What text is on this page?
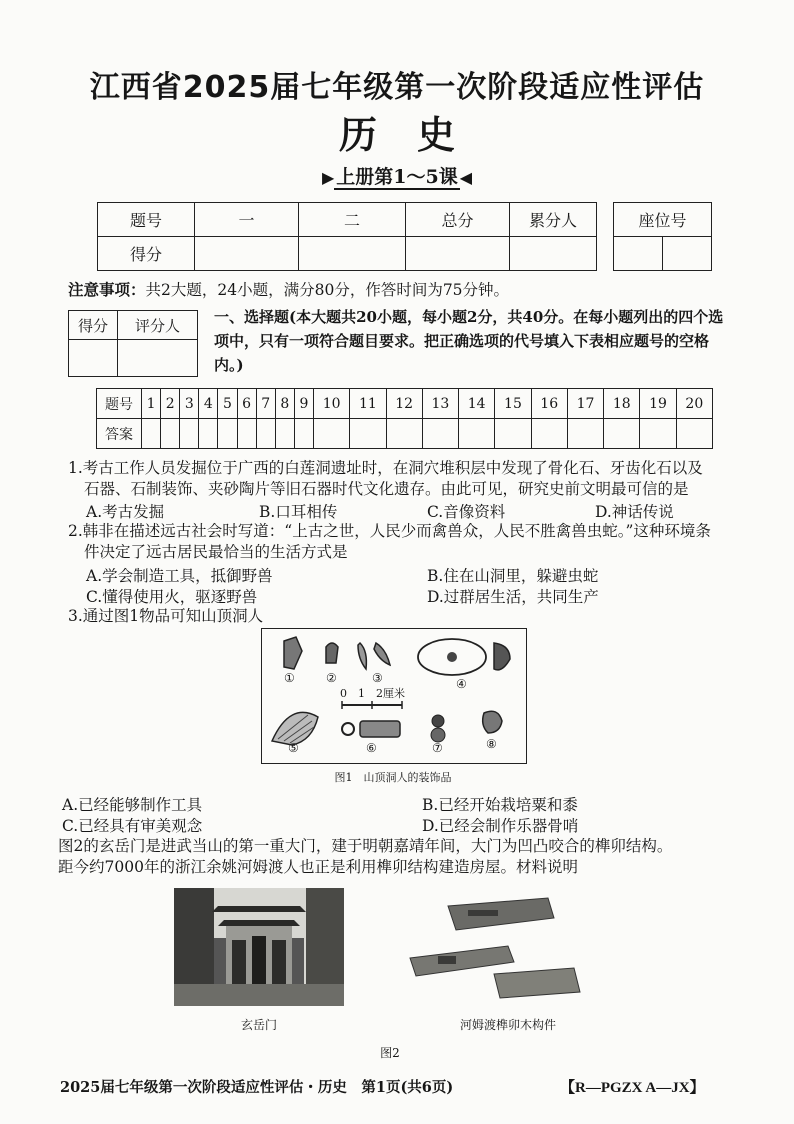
江西省2025届七年级第一次阶段适应性评估
历史
▶ 上册第1～5课 ◀
题号	一	二	总分	累分人
得分				
座位号

注意事项：共2大题，24小题，满分80分，作答时间为75分钟。
得分	评分人
	一、选择题(本大题共20小题，每小题2分，共40分。在每小题列出的四个选项中，只有一项符合题目要求。把正确选项的代号填入下表相应题号的空格内。)
题号	1	2	3	4	5	6	7	8	9	10	11	12	13	14	15	16	17	18	19	20
答案																				
1.考古工作人员发掘位于广西的白莲洞遗址时，在洞穴堆积层中发现了骨化石、牙齿化石以及
石器、石制装饰、夹砂陶片等旧石器时代文化遗存。由此可见，研究史前文明最可信的是
A.考古发掘	B.口耳相传	C.音像资料	D.神话传说
2.韩非在描述远古社会时写道：“上古之世，人民少而禽兽众，人民不胜禽兽虫蛇。”这种环境条
件决定了远古居民最恰当的生活方式是
A.学会制造工具，抵御野兽	B.住在山洞里，躲避虫蛇
C.懂得使用火，驱逐野兽	D.过群居生活，共同生产
3.通过图1物品可知山顶洞人
①	②	③	④
0　1　2厘米
⑤	⑥	⑦	⑧
图1　山顶洞人的装饰品
A.已经能够制作工具	B.已经开始栽培粟和黍
C.已经具有审美观念	D.已经会制作乐器骨哨
图2的玄岳门是进武当山的第一重大门，建于明朝嘉靖年间，大门为凹凸咬合的榫卯结构。
距今约7000年的浙江余姚河姆渡人也正是利用榫卯结构建造房屋。材料说明
玄岳门	河姆渡榫卯木构件
图2
2025届七年级第一次阶段适应性评估・历史　第1页(共6页)	【R—PGZX A—JX】
